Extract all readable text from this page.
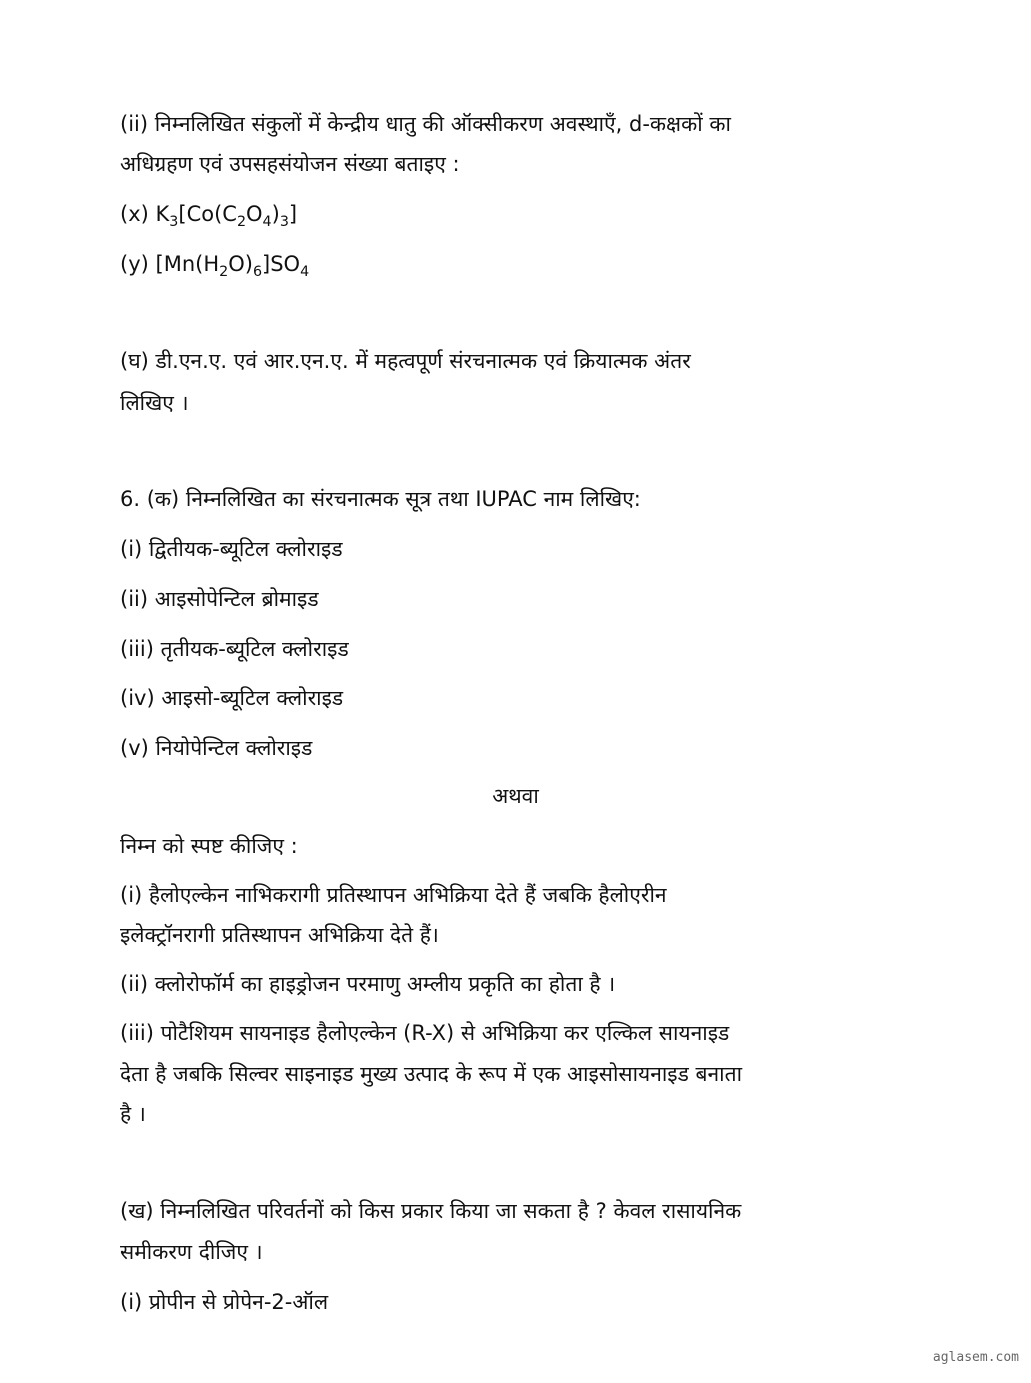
(ii) निम्नलिखित संकुलों में केन्द्रीय धातु की ऑक्सीकरण अवस्थाएँ, d-कक्षकों का
अधिग्रहण एवं उपसहसंयोजन संख्या बताइए :
(x) $K_3[Co(C_2O_4)_3]$
(y) $[Mn(H_2O)_6]SO_4$
(घ) डी.एन.ए. एवं आर.एन.ए. में महत्वपूर्ण संरचनात्मक एवं क्रियात्मक अंतर
लिखिए ।
6. (क) निम्नलिखित का संरचनात्मक सूत्र तथा IUPAC नाम लिखिए:
(i) द्वितीयक-ब्यूटिल क्लोराइड
(ii) आइसोपेन्टिल ब्रोमाइड
(iii) तृतीयक-ब्यूटिल क्लोराइड
(iv) आइसो-ब्यूटिल क्लोराइड
(v) नियोपेन्टिल क्लोराइड
अथवा
निम्न को स्पष्ट कीजिए :
(i) हैलोएल्केन नाभिकरागी प्रतिस्थापन अभिक्रिया देते हैं जबकि हैलोएरीन
इलेक्ट्रॉनरागी प्रतिस्थापन अभिक्रिया देते हैं।
(ii) क्लोरोफॉर्म का हाइड्रोजन परमाणु अम्लीय प्रकृति का होता है ।
(iii) पोटैशियम सायनाइड हैलोएल्केन (R-X) से अभिक्रिया कर एल्किल सायनाइड
देता है जबकि सिल्वर साइनाइड मुख्य उत्पाद के रूप में एक आइसोसायनाइड बनाता
है ।
(ख) निम्नलिखित परिवर्तनों को किस प्रकार किया जा सकता है ? केवल रासायनिक
समीकरण दीजिए ।
(i) प्रोपीन से प्रोपेन-2-ऑल
aglasem.com
